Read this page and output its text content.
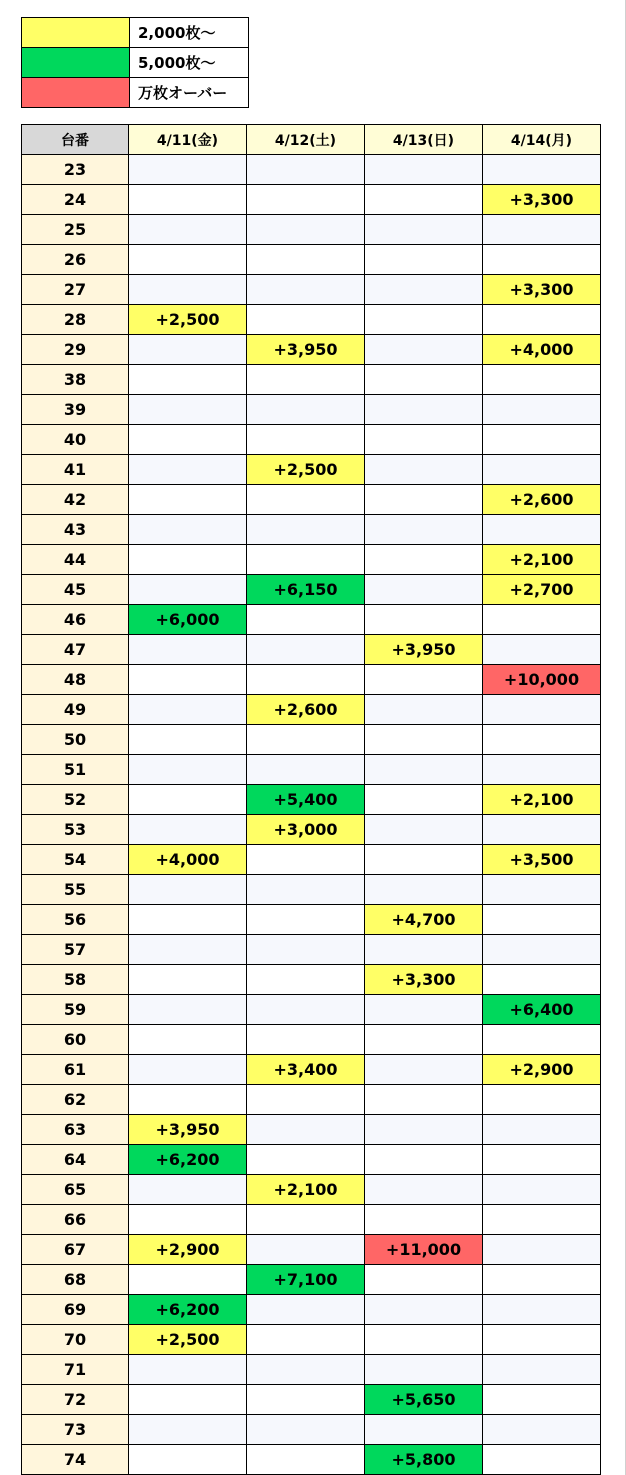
	2,000枚～
	5,000枚～
	万枚オーバー
台番	4/11(金)	4/12(土)	4/13(日)	4/14(月)
23				
24				+3,300
25				
26				
27				+3,300
28	+2,500			
29		+3,950		+4,000
38				
39				
40				
41		+2,500		
42				+2,600
43				
44				+2,100
45		+6,150		+2,700
46	+6,000			
47			+3,950	
48				+10,000
49		+2,600		
50				
51				
52		+5,400		+2,100
53		+3,000		
54	+4,000			+3,500
55				
56			+4,700	
57				
58			+3,300	
59				+6,400
60				
61		+3,400		+2,900
62				
63	+3,950			
64	+6,200			
65		+2,100		
66				
67	+2,900		+11,000	
68		+7,100		
69	+6,200			
70	+2,500			
71				
72			+5,650	
73				
74			+5,800	
